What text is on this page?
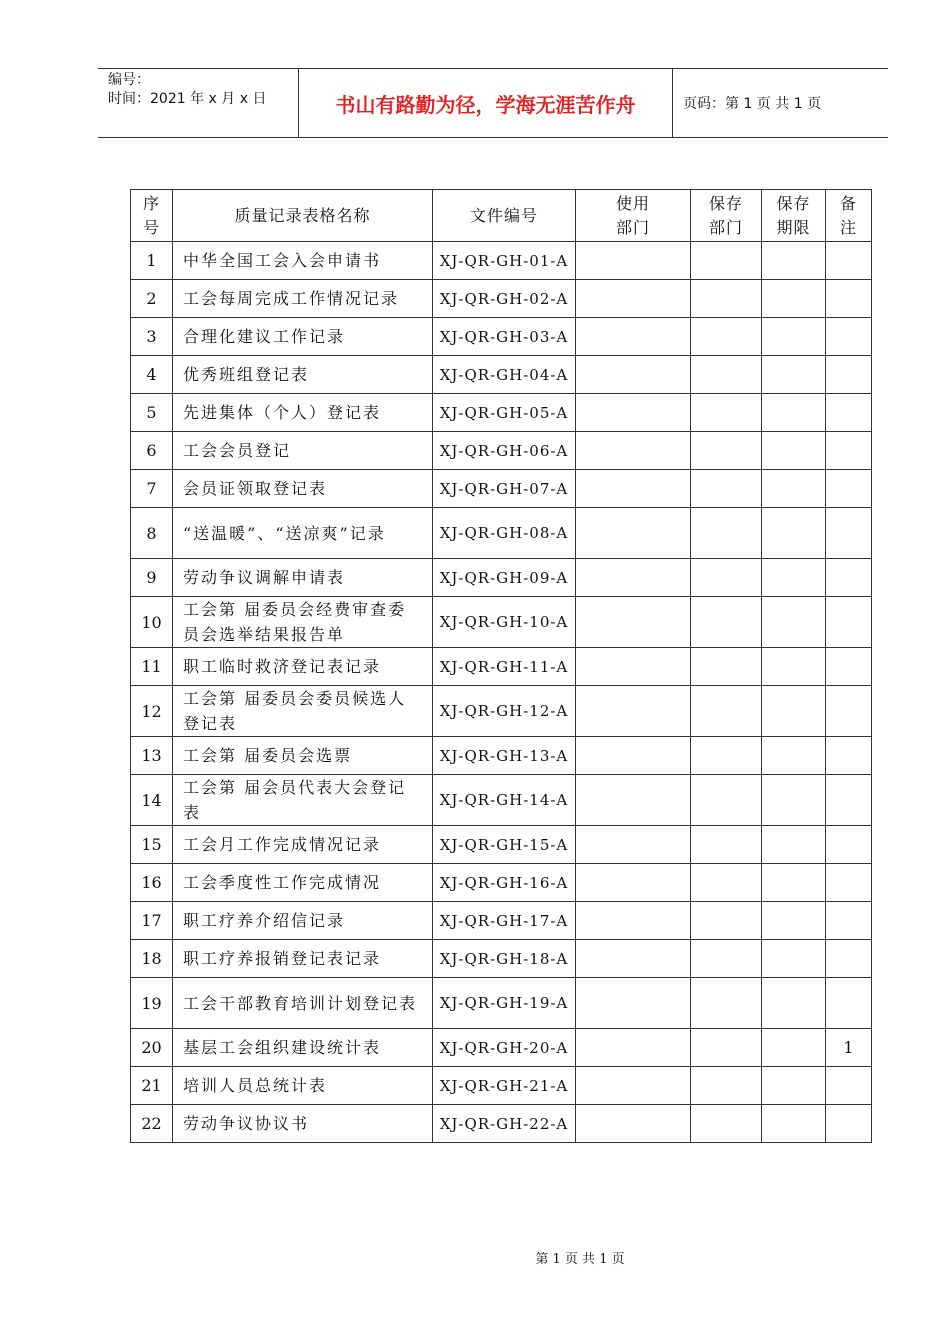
编号：
时间：2021 年 x 月 x 日	书山有路勤为径，学海无涯苦作舟	页码：第 1 页 共 1 页
序号	质量记录表格名称	文件编号	使用部门	保存部门	保存期限	备注
1	中华全国工会入会申请书	XJ-QR-GH-01-A				
2	工会每周完成工作情况记录	XJ-QR-GH-02-A				
3	合理化建议工作记录	XJ-QR-GH-03-A				
4	优秀班组登记表	XJ-QR-GH-04-A				
5	先进集体（个人）登记表	XJ-QR-GH-05-A				
6	工会会员登记	XJ-QR-GH-06-A				
7	会员证领取登记表	XJ-QR-GH-07-A				
8	“送温暖”、“送凉爽”记录	XJ-QR-GH-08-A				
9	劳动争议调解申请表	XJ-QR-GH-09-A				
10	工会第 届委员会经费审查委员会选举结果报告单	XJ-QR-GH-10-A				
11	职工临时救济登记表记录	XJ-QR-GH-11-A				
12	工会第 届委员会委员候选人登记表	XJ-QR-GH-12-A				
13	工会第 届委员会选票	XJ-QR-GH-13-A				
14	工会第 届会员代表大会登记表	XJ-QR-GH-14-A				
15	工会月工作完成情况记录	XJ-QR-GH-15-A				
16	工会季度性工作完成情况	XJ-QR-GH-16-A				
17	职工疗养介绍信记录	XJ-QR-GH-17-A				
18	职工疗养报销登记表记录	XJ-QR-GH-18-A				
19	工会干部教育培训计划登记表	XJ-QR-GH-19-A				
20	基层工会组织建设统计表	XJ-QR-GH-20-A				1
21	培训人员总统计表	XJ-QR-GH-21-A				
22	劳动争议协议书	XJ-QR-GH-22-A				
第 1 页 共 1 页
